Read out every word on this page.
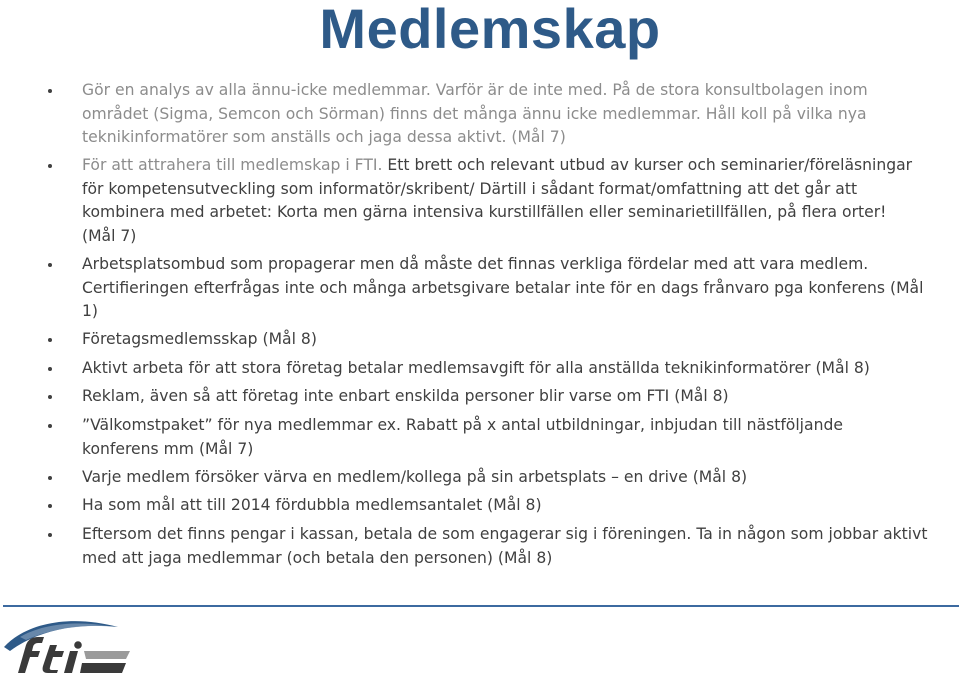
Medlemskap
Gör en analys av alla ännu-icke medlemmar. Varför är de inte med. På de stora konsultbolagen inom
området (Sigma, Semcon och Sörman) finns det många ännu icke medlemmar. Håll koll på vilka nya
teknikinformatörer som anställs och jaga dessa aktivt. (Mål 7)
För att attrahera till medlemskap i FTI. Ett brett och relevant utbud av kurser och seminarier/föreläsningar
för kompetensutveckling som informatör/skribent/ Därtill i sådant format/omfattning att det går att
kombinera med arbetet: Korta men gärna intensiva kurstillfällen eller seminarietillfällen, på flera orter!
(Mål 7)
Arbetsplatsombud som propagerar men då måste det finnas verkliga fördelar med att vara medlem.
Certifieringen efterfrågas inte och många arbetsgivare betalar inte för en dags frånvaro pga konferens (Mål
1)
Företagsmedlemsskap (Mål 8)
Aktivt arbeta för att stora företag betalar medlemsavgift för alla anställda teknikinformatörer (Mål 8)
Reklam, även så att företag inte enbart enskilda personer blir varse om FTI (Mål 8)
”Välkomstpaket” för nya medlemmar ex. Rabatt på x antal utbildningar, inbjudan till nästföljande
konferens mm (Mål 7)
Varje medlem försöker värva en medlem/kollega på sin arbetsplats – en drive (Mål 8)
Ha som mål att till 2014 fördubbla medlemsantalet (Mål 8)
Eftersom det finns pengar i kassan, betala de som engagerar sig i föreningen. Ta in någon som jobbar aktivt
med att jaga medlemmar (och betala den personen) (Mål 8)
